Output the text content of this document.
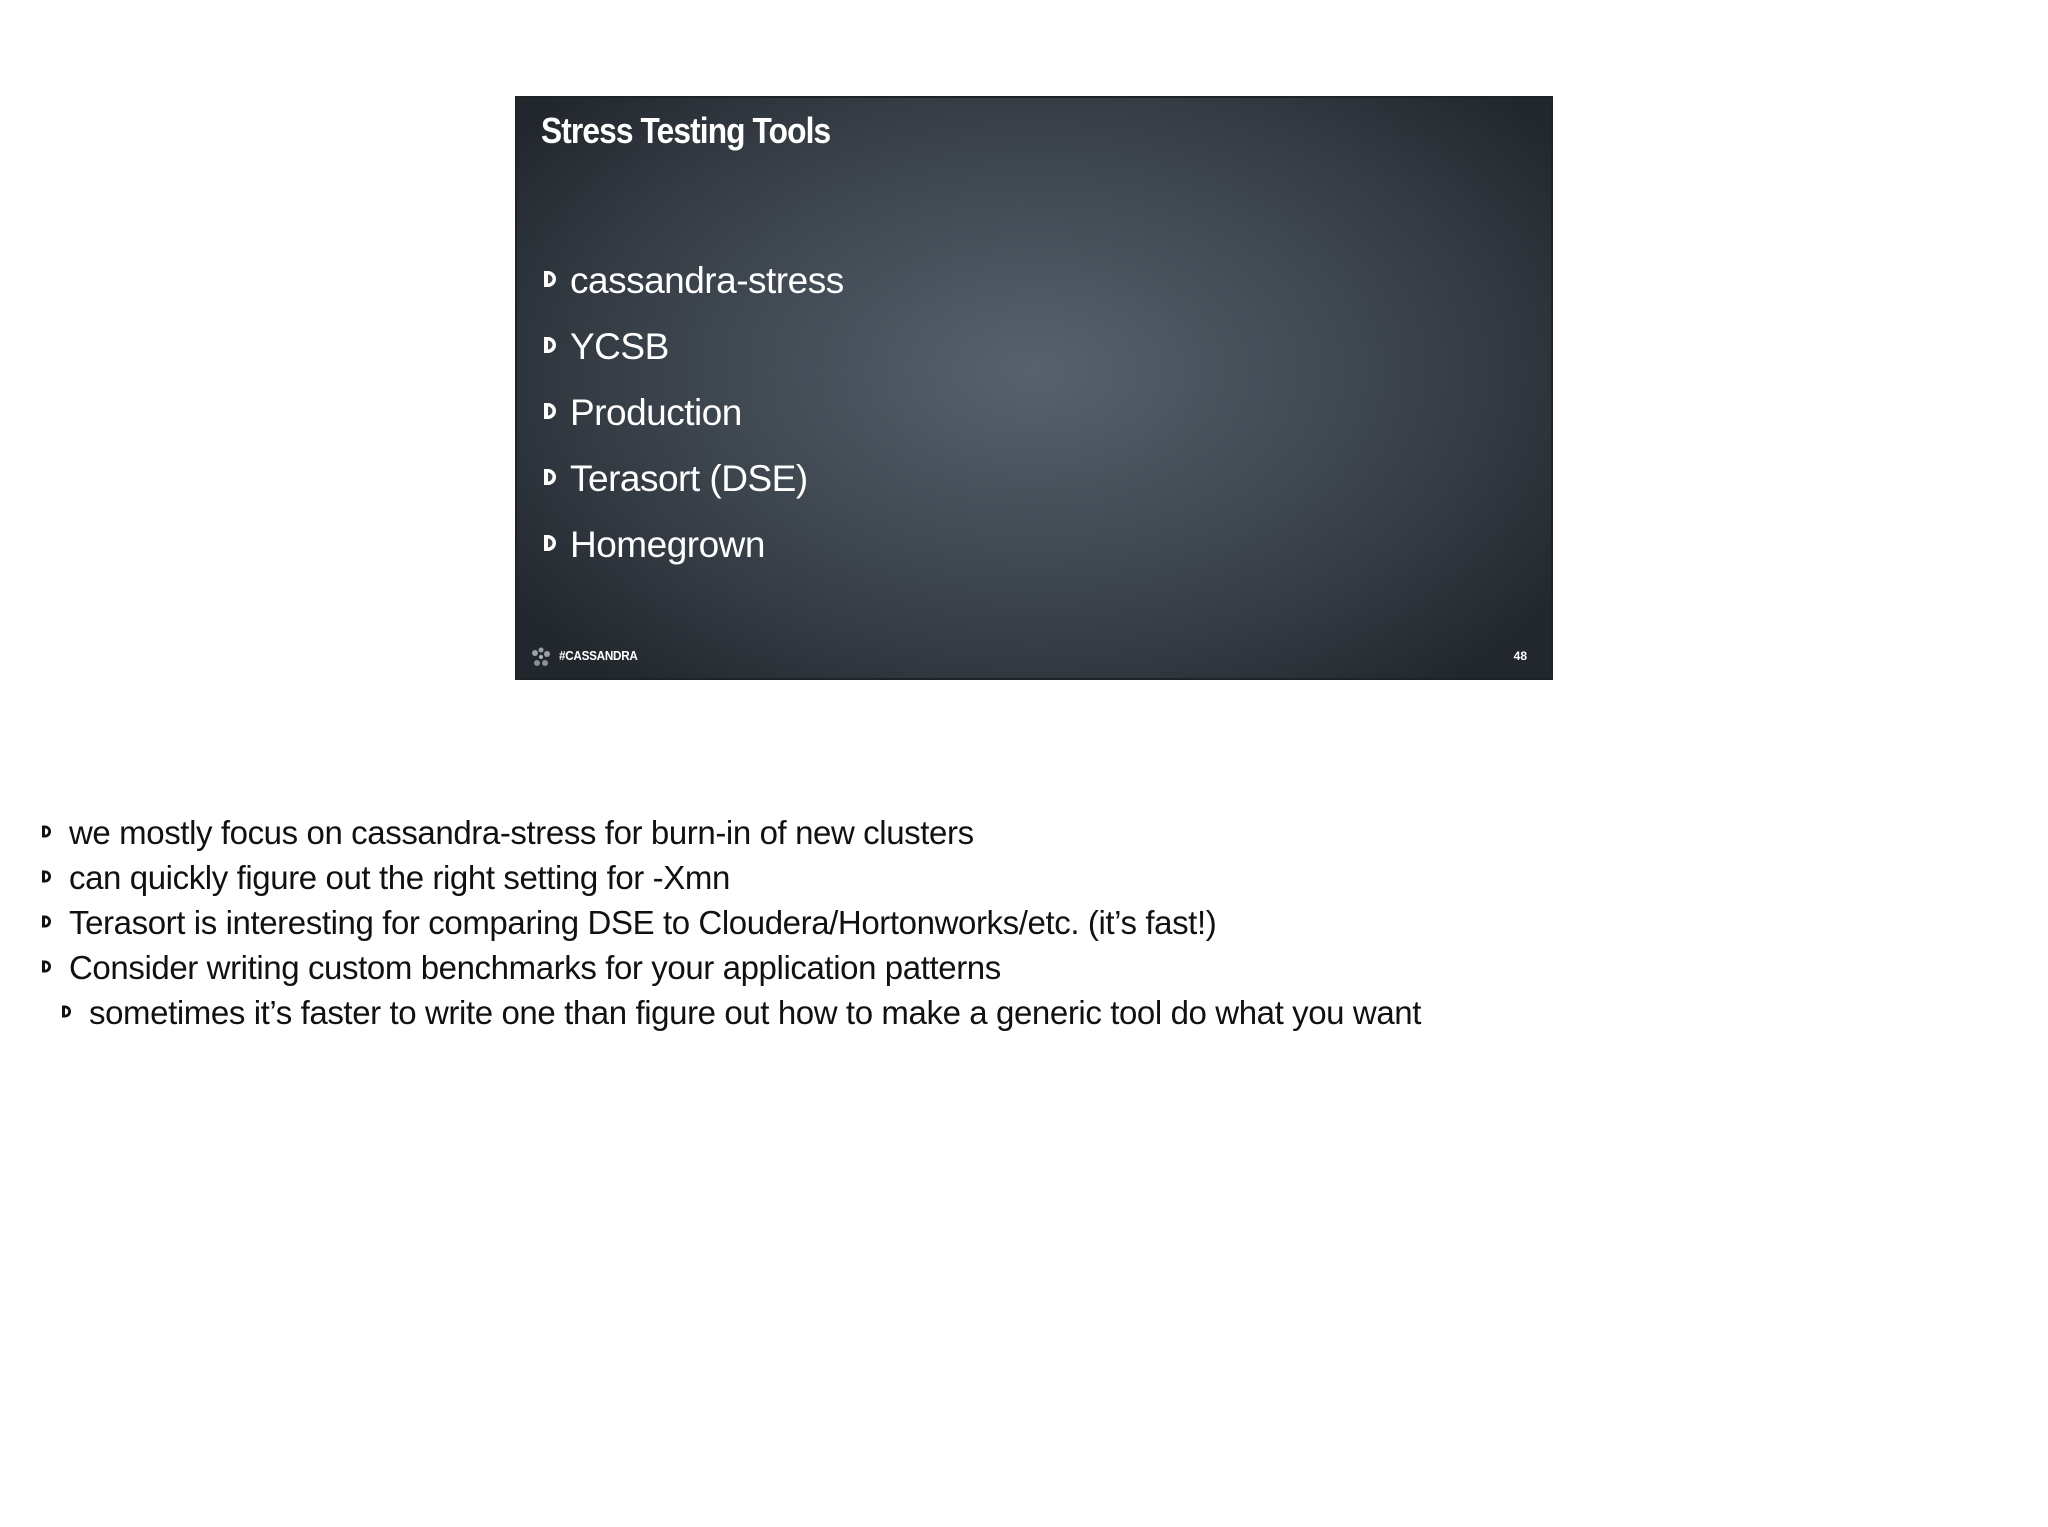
Stress Testing Tools
cassandra-stress
YCSB
Production
Terasort (DSE)
Homegrown
#CASSANDRA	48
we mostly focus on cassandra-stress for burn-in of new clusters
can quickly figure out the right setting for -Xmn
Terasort is interesting for comparing DSE to Cloudera/Hortonworks/etc. (it’s fast!)
Consider writing custom benchmarks for your application patterns
sometimes it’s faster to write one than figure out how to make a generic tool do what you want
